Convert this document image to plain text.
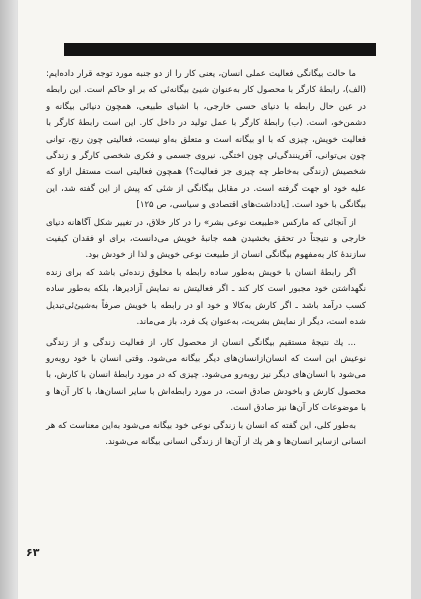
ما حالت بیگانگی فعالیت عملی انسان، یعنی کار را از دو جنبه مورد توجه قرار داده‌ایم: (الف)، رابطهٔ کارگر با محصول کار به‌عنوان شیئ بیگانه‌ئی که بر او حاکم است. این رابطه در عین حال رابطه با دنیای حسی خارجی، با اشیای طبیعی، همچون دنیائی بیگانه و دشمن‌خو، است. (ب) رابطهٔ کارگر با عمل تولید در داخل کار. این است رابطهٔ کارگر با فعالیت خویش، چیزی که با او بیگانه است و متعلق به‌او نیست، فعالیتی چون رنج، توانی چون بی‌توانی، آفرینندگی‌ئی چون اختگی. نیروی جسمی و فکری شخصی کارگر و زندگی شخصیش (زندگی به‌خاطر چه چیزی جز فعالیت؟) همچون فعالیتی است مستقل ازاو که علیه خود او جهت گرفته است. در مقابل بیگانگی از شئی که پیش از این گفته شد، این بیگانگی با خود است. [یادداشت‌های اقتصادی و سیاسی، ص ۱۲۵]

از آنجائی که مارکس «طبیعت نوعی بشر» را در کار خلاق، در تغییر شکل آگاهانه دنیای خارجی و نتیجتاً در تحقق بخشیدن همه جانبهٔ خویش می‌دانست، برای او فقدان کیفیت سازندهٔ کار به‌مفهوم بیگانگی انسان از طبیعت نوعی خویش و لذا از خودش بود.

اگر رابطهٔ انسان با خویش به‌طور ساده رابطه با مخلوق زنده‌ئی باشد که برای زنده نگهداشتن خود مجبور است کار کند ـ اگر فعالیتش نه نمایش آزادیرها، بلکه به‌طور ساده کسب درآمد باشد ـ اگر کارش به‌کالا و خود او در رابطه با خویش صرفاً به‌شیئ‌ئی‌تبدیل شده است، دیگر از نمایش بشریت، به‌عنوان یک فرد، باز می‌ماند.

... یك نتیجهٔ مستقیم بیگانگی انسان از محصول کار، از فعالیت زندگی و از زندگی نوعیش این است که انسان‌ازانسان‌های دیگر بیگانه می‌شود. وقتی انسان با خود روبه‌رو می‌شود با انسان‌های دیگر نیز رو‌به‌رو می‌شود. چیزی که در مورد رابطهٔ انسان با کارش، با محصول کارش و باخودش صادق است، در مورد رابطه‌اش با سایر انسان‌ها، با کار آن‌ها و با موضوعات کار آن‌ها نیز صادق است.

به‌طور کلی، این گفته که انسان با زندگی نوعی خود بیگانه می‌شود به‌این معناست که هر انسانی ازسایر انسان‌ها و هر یك از آن‌ها از زندگی انسانی بیگانه می‌شوند.

۶۳
